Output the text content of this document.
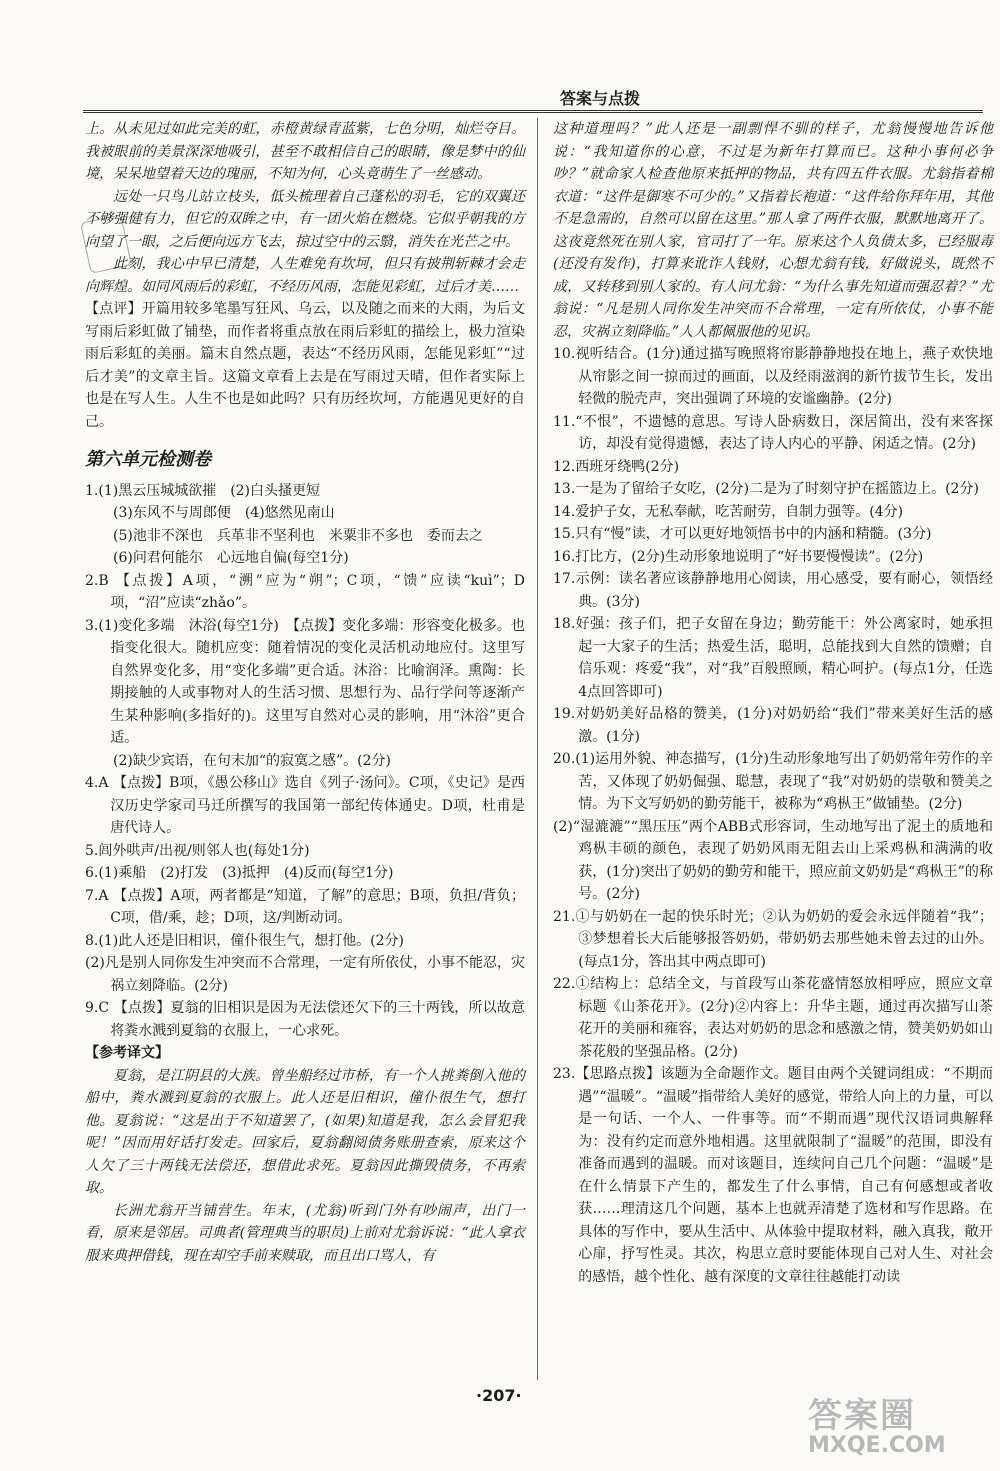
答案与点拨

上。从未见过如此完美的虹，赤橙黄绿青蓝紫，七色分明，灿烂夺目。我被眼前的美景深深地吸引，甚至不敢相信自己的眼睛，像是梦中的仙境，呆呆地望着天边的瑰丽，不知为何，心头竟萌生了一丝感动。

远处一只鸟儿站立枝头，低头梳理着自己蓬松的羽毛，它的双翼还不够强健有力，但它的双眸之中，有一团火焰在燃烧。它似乎朝我的方向望了一眼，之后便向远方飞去，掠过空中的云翳，消失在光芒之中。

此刻，我心中早已清楚，人生难免有坎坷，但只有披荆斩棘才会走向辉煌。如同风雨后的彩虹，不经历风雨，怎能见彩虹，过后才美……

【点评】开篇用较多笔墨写狂风、乌云，以及随之而来的大雨，为后文写雨后彩虹做了铺垫，而作者将重点放在雨后彩虹的描绘上，极力渲染雨后彩虹的美丽。篇末自然点题，表达“不经历风雨，怎能见彩虹”“过后才美”的文章主旨。这篇文章看上去是在写雨过天晴，但作者实际上也是在写人生。人生不也是如此吗？只有历经坎坷，方能遇见更好的自己。

第六单元检测卷

1.(1)黑云压城城欲摧　(2)白头搔更短

(3)东风不与周郎便　(4)悠然见南山

(5)池非不深也　兵革非不坚利也　米粟非不多也　委而去之

(6)问君何能尔　心远地自偏(每空1分)

2.B 【点拨】A项，“溯”应为“朔”；C项，“馈”应读“kuì”；D项，“沼”应读“zhǎo”。

3.(1)变化多端　沐浴(每空1分)　【点拨】变化多端：形容变化极多。也指变化很大。随机应变：随着情况的变化灵活机动地应付。这里写自然界变化多，用“变化多端”更合适。沐浴：比喻润泽。熏陶：长期接触的人或事物对人的生活习惯、思想行为、品行学问等逐渐产生某种影响(多指好的)。这里写自然对心灵的影响，用“沐浴”更合适。

(2)缺少宾语，在句末加“的寂寞之感”。(2分)

4.A 【点拨】B项，《愚公移山》选自《列子·汤问》。C项，《史记》是西汉历史学家司马迁所撰写的我国第一部纪传体通史。D项，杜甫是唐代诗人。

5.闾外哄声/出视/则邻人也(每处1分)

6.(1)乘船　(2)打发　(3)抵押　(4)反而(每空1分)

7.A 【点拨】A项，两者都是“知道，了解”的意思；B项，负担/背负；C项，借/乘，趁；D项，这/判断动词。

8.(1)此人还是旧相识，僮仆很生气，想打他。(2分)

(2)凡是别人同你发生冲突而不合常理，一定有所依仗，小事不能忍，灾祸立刻降临。(2分)

9.C 【点拨】夏翁的旧相识是因为无法偿还欠下的三十两钱，所以故意将粪水溅到夏翁的衣服上，一心求死。

【参考译文】

夏翁，是江阴县的大族。曾坐船经过市桥，有一个人挑粪倒入他的船中，粪水溅到夏翁的衣服上。此人还是旧相识，僮仆很生气，想打他。夏翁说：“这是出于不知道罢了，(如果)知道是我，怎么会冒犯我呢！”因而用好话打发走。回家后，夏翁翻阅债务账册查索，原来这个人欠了三十两钱无法偿还，想借此求死。夏翁因此撕毁债务，不再索取。

长洲尤翁开当铺营生。年末，(尤翁)听到门外有吵闹声，出门一看，原来是邻居。司典者(管理典当的职员)上前对尤翁诉说：“此人拿衣服来典押借钱，现在却空手前来赎取，而且出口骂人，有

这种道理吗？”此人还是一副剽悍不驯的样子，尤翁慢慢地告诉他说：“我知道你的心意，不过是为新年打算而已。这种小事何必争吵？”就命家人检查他原来抵押的物品，共有四五件衣服。尤翁指着棉衣道：“这件是御寒不可少的。”又指着长袍道：“这件给你拜年用，其他不是急需的，自然可以留在这里。”那人拿了两件衣服，默默地离开了。这夜竟然死在别人家，官司打了一年。原来这个人负债太多，已经服毒(还没有发作)，打算来讹诈人钱财，心想尤翁有钱，好做说头，既然不成，又转移到别人家的。有人问尤翁：“为什么事先知道而强忍着？”尤翁说：“凡是别人同你发生冲突而不合常理，一定有所依仗，小事不能忍，灾祸立刻降临。”人人都佩服他的见识。

10.视听结合。(1分)通过描写晚照将帘影静静地投在地上，燕子欢快地从帘影之间一掠而过的画面，以及经雨滋润的新竹拔节生长，发出轻微的脱壳声，突出强调了环境的安谧幽静。(2分)

11.“不恨”，不遗憾的意思。写诗人卧病数日，深居简出，没有来客探访，却没有觉得遗憾，表达了诗人内心的平静、闲适之情。(2分)

12.西班牙绕鸭(2分)

13.一是为了留给子女吃，(2分)二是为了时刻守护在摇篮边上。(2分)

14.爱护子女，无私奉献，吃苦耐劳，自制力强等。(4分)

15.只有“慢”读，才可以更好地领悟书中的内涵和精髓。(3分)

16.打比方，(2分)生动形象地说明了“好书要慢慢读”。(2分)

17.示例：读名著应该静静地用心阅读，用心感受，要有耐心，领悟经典。(3分)

18.好强：孩子们，把子女留在身边；勤劳能干：外公离家时，她承担起一大家子的生活；热爱生活，聪明，总能找到大自然的馈赠；自信乐观：疼爱“我”，对“我”百般照顾，精心呵护。(每点1分，任选4点回答即可)

19.对奶奶美好品格的赞美，(1分)对奶奶给“我们”带来美好生活的感激。(1分)

20.(1)运用外貌、神态描写，(1分)生动形象地写出了奶奶常年劳作的辛苦，又体现了奶奶倔强、聪慧，表现了“我”对奶奶的崇敬和赞美之情。为下文写奶奶的勤劳能干，被称为“鸡枞王”做铺垫。(2分)

(2)“湿漉漉”“黑压压”两个ABB式形容词，生动地写出了泥土的质地和鸡枞丰硕的颜色，表现了奶奶风雨无阻去山上采鸡枞和满满的收获，(1分)突出了奶奶的勤劳和能干，照应前文奶奶是“鸡枞王”的称号。(2分)

21.①与奶奶在一起的快乐时光；②认为奶奶的爱会永远伴随着“我”；③梦想着长大后能够报答奶奶，带奶奶去那些她未曾去过的山外。(每点1分，答出其中两点即可)

22.①结构上：总结全文，与首段写山茶花盛情怒放相呼应，照应文章标题《山茶花开》。(2分)②内容上：升华主题，通过再次描写山茶花开的美丽和雍容，表达对奶奶的思念和感激之情，赞美奶奶如山茶花般的坚强品格。(2分)

23.【思路点拨】该题为全命题作文。题目由两个关键词组成：“不期而遇”“温暖”。“温暖”指带给人美好的感觉，带给人向上的力量，可以是一句话、一个人、一件事等。而“不期而遇”现代汉语词典解释为：没有约定而意外地相遇。这里就限制了“温暖”的范围，即没有准备而遇到的温暖。而对该题目，连续问自己几个问题：“温暖”是在什么情景下产生的，都发生了什么事情，自己有何感想或者收获……理清这几个问题，基本上也就弄清楚了选材和写作思路。在具体的写作中，要从生活中、从体验中提取材料，融入真我，敞开心扉，抒写性灵。其次，构思立意时要能体现自己对人生、对社会的感悟，越个性化、越有深度的文章往往越能打动读

·207·
答案圈
MXQE.COM
